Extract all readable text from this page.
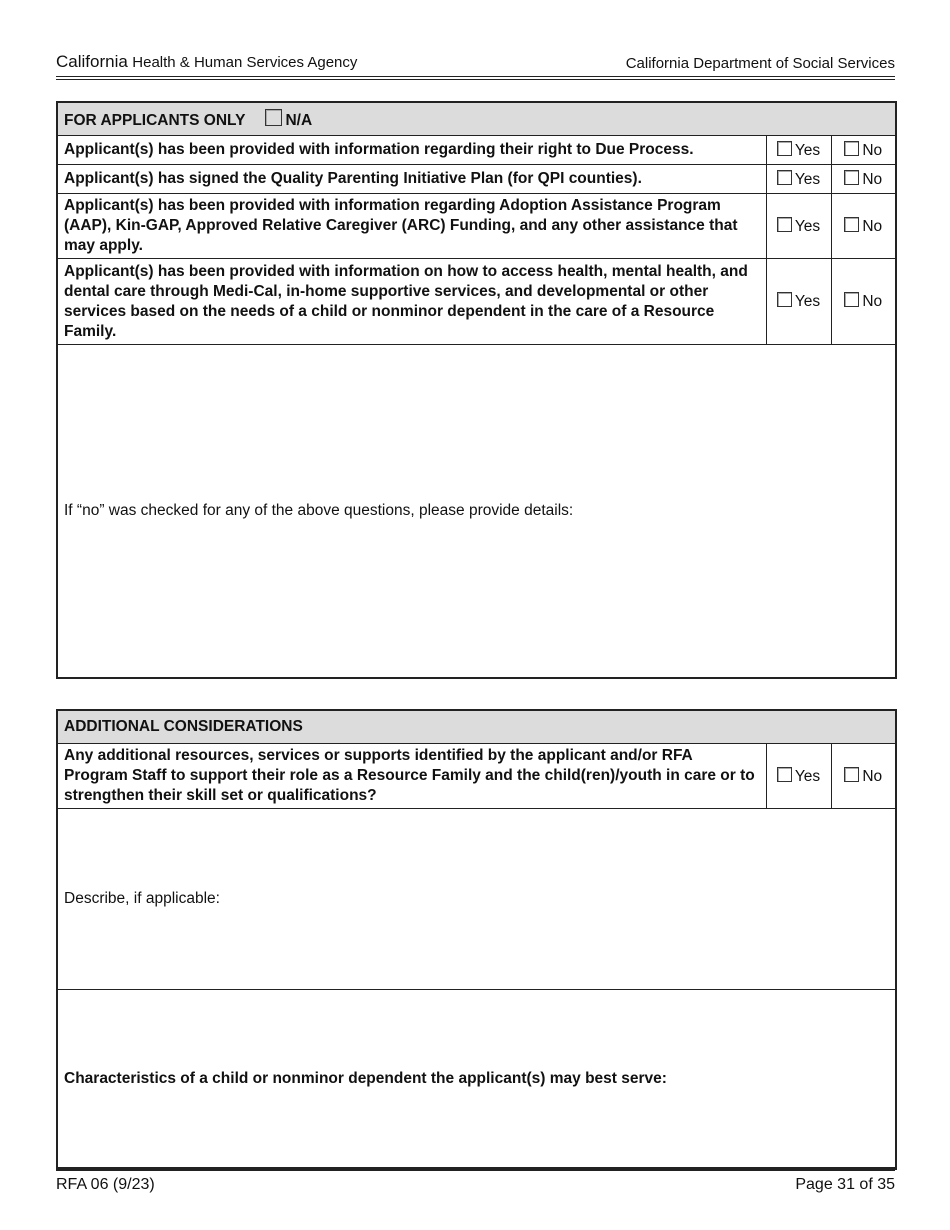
California Health & Human Services Agency	California Department of Social Services
FOR APPLICANTS ONLY N/A		
Applicant(s) has been provided with information regarding their right to Due Process.	Yes	No
Applicant(s) has signed the Quality Parenting Initiative Plan (for QPI counties).	Yes	No
Applicant(s) has been provided with information regarding Adoption Assistance Program (AAP), Kin-GAP, Approved Relative Caregiver (ARC) Funding, and any other assistance that may apply.	Yes	No
Applicant(s) has been provided with information on how to access health, mental health, and dental care through Medi-Cal, in-home supportive services, and developmental or other services based on the needs of a child or nonminor dependent in the care of a Resource Family.	Yes	No
If “no” was checked for any of the above questions, please provide details:		
ADDITIONAL CONSIDERATIONS
Any additional resources, services or supports identified by the applicant and/or RFA Program Staff to support their role as a Resource Family and the child(ren)/youth in care or to strengthen their skill set or qualifications?	Yes	No
Describe, if applicable:
Characteristics of a child or nonminor dependent the applicant(s) may best serve:
RFA 06 (9/23)	Page 31 of 35
